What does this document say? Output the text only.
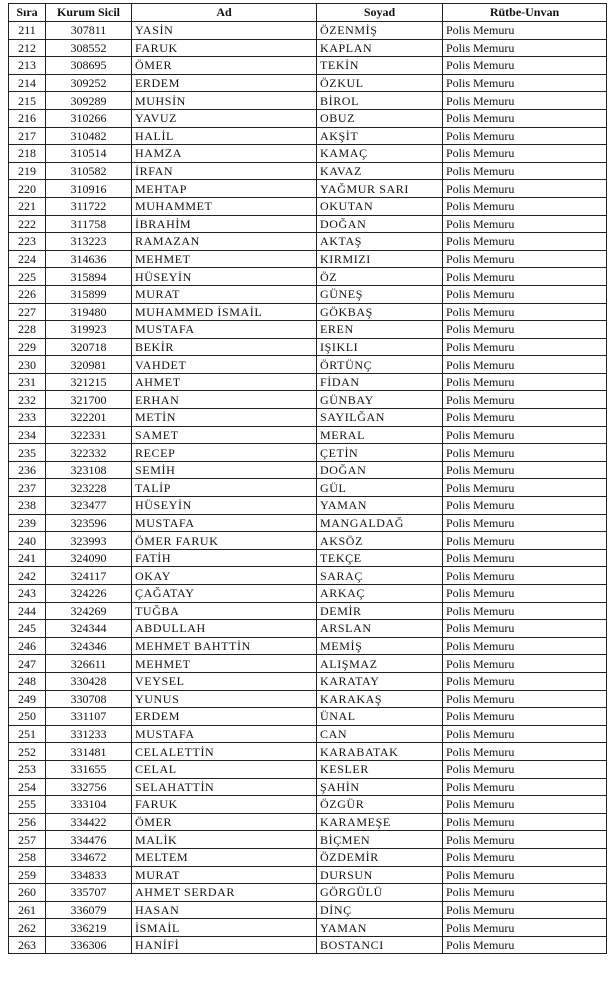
Sıra	Kurum Sicil	Ad	Soyad	Rütbe-Unvan
211	307811	YASİN	ÖZENMİŞ	Polis Memuru
212	308552	FARUK	KAPLAN	Polis Memuru
213	308695	ÖMER	TEKİN	Polis Memuru
214	309252	ERDEM	ÖZKUL	Polis Memuru
215	309289	MUHSİN	BİROL	Polis Memuru
216	310266	YAVUZ	OBUZ	Polis Memuru
217	310482	HALİL	AKŞİT	Polis Memuru
218	310514	HAMZA	KAMAÇ	Polis Memuru
219	310582	İRFAN	KAVAZ	Polis Memuru
220	310916	MEHTAP	YAĞMUR SARI	Polis Memuru
221	311722	MUHAMMET	OKUTAN	Polis Memuru
222	311758	İBRAHİM	DOĞAN	Polis Memuru
223	313223	RAMAZAN	AKTAŞ	Polis Memuru
224	314636	MEHMET	KIRMIZI	Polis Memuru
225	315894	HÜSEYİN	ÖZ	Polis Memuru
226	315899	MURAT	GÜNEŞ	Polis Memuru
227	319480	MUHAMMED İSMAİL	GÖKBAŞ	Polis Memuru
228	319923	MUSTAFA	EREN	Polis Memuru
229	320718	BEKİR	IŞIKLI	Polis Memuru
230	320981	VAHDET	ÖRTÜNÇ	Polis Memuru
231	321215	AHMET	FİDAN	Polis Memuru
232	321700	ERHAN	GÜNBAY	Polis Memuru
233	322201	METİN	SAYILĞAN	Polis Memuru
234	322331	SAMET	MERAL	Polis Memuru
235	322332	RECEP	ÇETİN	Polis Memuru
236	323108	SEMİH	DOĞAN	Polis Memuru
237	323228	TALİP	GÜL	Polis Memuru
238	323477	HÜSEYİN	YAMAN	Polis Memuru
239	323596	MUSTAFA	MANGALDAĞ	Polis Memuru
240	323993	ÖMER FARUK	AKSÖZ	Polis Memuru
241	324090	FATİH	TEKÇE	Polis Memuru
242	324117	OKAY	SARAÇ	Polis Memuru
243	324226	ÇAĞATAY	ARKAÇ	Polis Memuru
244	324269	TUĞBA	DEMİR	Polis Memuru
245	324344	ABDULLAH	ARSLAN	Polis Memuru
246	324346	MEHMET BAHTTİN	MEMİŞ	Polis Memuru
247	326611	MEHMET	ALIŞMAZ	Polis Memuru
248	330428	VEYSEL	KARATAY	Polis Memuru
249	330708	YUNUS	KARAKAŞ	Polis Memuru
250	331107	ERDEM	ÜNAL	Polis Memuru
251	331233	MUSTAFA	CAN	Polis Memuru
252	331481	CELALETTİN	KARABATAK	Polis Memuru
253	331655	CELAL	KESLER	Polis Memuru
254	332756	SELAHATTİN	ŞAHİN	Polis Memuru
255	333104	FARUK	ÖZGÜR	Polis Memuru
256	334422	ÖMER	KARAMEŞE	Polis Memuru
257	334476	MALİK	BİÇMEN	Polis Memuru
258	334672	MELTEM	ÖZDEMİR	Polis Memuru
259	334833	MURAT	DURSUN	Polis Memuru
260	335707	AHMET SERDAR	GÖRGÜLÜ	Polis Memuru
261	336079	HASAN	DİNÇ	Polis Memuru
262	336219	İSMAİL	YAMAN	Polis Memuru
263	336306	HANİFİ	BOSTANCI	Polis Memuru
